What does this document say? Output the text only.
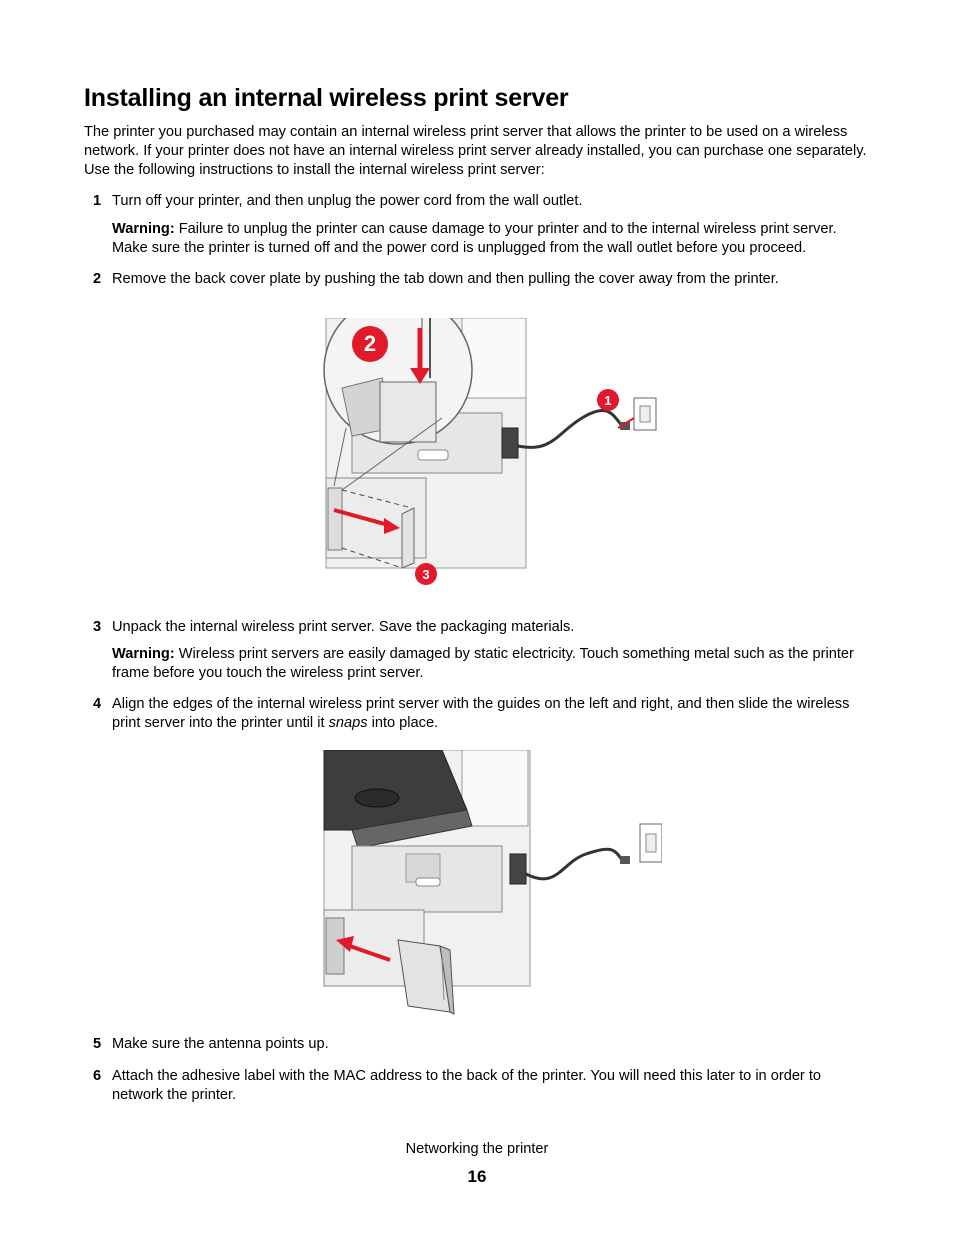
Installing an internal wireless print server

The printer you purchased may contain an internal wireless print server that allows the printer to be used on a wireless network. If your printer does not have an internal wireless print server already installed, you can purchase one separately. Use the following instructions to install the internal wireless print server:

1 Turn off your printer, and then unplug the power cord from the wall outlet.

Warning: Failure to unplug the printer can cause damage to your printer and to the internal wireless print server. Make sure the printer is turned off and the power cord is unplugged from the wall outlet before you proceed.

2 Remove the back cover plate by pushing the tab down and then pulling the cover away from the printer.
2
1
3
3 Unpack the internal wireless print server. Save the packaging materials.

Warning: Wireless print servers are easily damaged by static electricity. Touch something metal such as the printer frame before you touch the wireless print server.

4 Align the edges of the internal wireless print server with the guides on the left and right, and then slide the wireless print server into the printer until it snaps into place.
5 Make sure the antenna points up.
6 Attach the adhesive label with the MAC address to the back of the printer. You will need this later to in order to network the printer.
Networking the printer
16
